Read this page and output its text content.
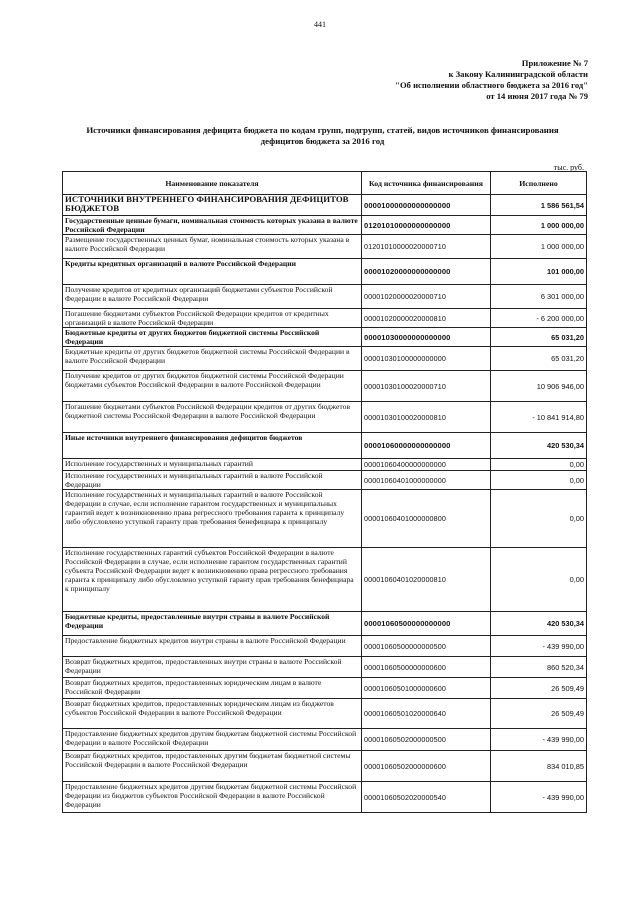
441
Приложение № 7
к Закону Калининградской области
"Об исполнении областного бюджета за 2016 год"
от 14 июня 2017 года № 79
Источники финансирования дефицита бюджета по кодам групп, подгрупп, статей, видов источников финансирования
дефицитов бюджета за 2016 год
тыс. руб.
Наименование показателя	Код источника финансирования	Исполнено
ИСТОЧНИКИ ВНУТРЕННЕГО ФИНАНСИРОВАНИЯ ДЕФИЦИТОВ БЮДЖЕТОВ	00001000000000000000	1 586 561,54
Государственные ценные бумаги, номинальная стоимость которых указана в валюте Российской Федерации	01201010000000000000	1 000 000,00
Размещение государственных ценных бумаг, номинальная стоимость которых указана в валюте Российской Федерации	01201010000020000710	1 000 000,00
Кредиты кредитных организаций в валюте Российской Федерации	00001020000000000000	101 000,00
Получение кредитов от кредитных организаций бюджетами субъектов Российской Федерации в валюте Российской Федерации	00001020000020000710	6 301 000,00
Погашение бюджетами субъектов Российской Федерации кредитов от кредитных организаций в валюте Российской Федерации	00001020000020000810	- 6 200 000,00
Бюджетные кредиты от других бюджетов бюджетной системы Российской Федерации	00001030000000000000	65 031,20
Бюджетные кредиты от других бюджетов бюджетной системы Российской Федерации в валюте Российской Федерации	00001030100000000000	65 031,20
Получение кредитов от других бюджетов бюджетной системы Российской Федерации бюджетами субъектов Российской Федерации в валюте Российской Федерации	00001030100020000710	10 906 946,00
Погашение бюджетами субъектов Российской Федерации кредитов от других бюджетов бюджетной системы Российской Федерации в валюте Российской Федерации	00001030100020000810	- 10 841 914,80
Иные источники внутреннего финансирования дефицитов бюджетов	00001060000000000000	420 530,34
Исполнение государственных и муниципальных гарантий	00001060400000000000	0,00
Исполнение государственных и муниципальных гарантий в валюте Российской Федерации	00001060401000000000	0,00
Исполнение государственных и муниципальных гарантий в валюте Российской Федерации в случае, если исполнение гарантом государственных и муниципальных гарантий ведет к возникновению права регрессного требования гаранта к принципалу либо обусловлено уступкой гаранту прав требования бенефициара к принципалу	00001060401000000800	0,00
Исполнение государственных гарантий субъектов Российской Федерации в валюте Российской Федерации в случае, если исполнение гарантом государственных гарантий субъекта Российской Федерации ведет к возникновению права регрессного требования гаранта к принципалу либо обусловлено уступкой гаранту прав требования бенефициара к принципалу	00001060401020000810	0,00
Бюджетные кредиты, предоставленные внутри страны в валюте Российской Федерации	00001060500000000000	420 530,34
Предоставление бюджетных кредитов внутри страны в валюте Российской Федерации	00001060500000000500	- 439 990,00
Возврат бюджетных кредитов, предоставленных внутри страны в валюте Российской Федерации	00001060500000000600	860 520,34
Возврат бюджетных кредитов, предоставленных юридическим лицам в валюте Российской Федерации	00001060501000000600	26 509,49
Возврат бюджетных кредитов, предоставленных юридическим лицам из бюджетов субъектов Российской Федерации в валюте Российской Федерации	00001060501020000640	26 509,49
Предоставление бюджетных кредитов другим бюджетам бюджетной системы Российской Федерации в валюте Российской Федерации	00001060502000000500	- 439 990,00
Возврат бюджетных кредитов, предоставленных другим бюджетам бюджетной системы Российской Федерации в валюте Российской Федерации	00001060502000000600	834 010,85
Предоставление бюджетных кредитов другим бюджетам бюджетной системы Российской Федерации из бюджетов субъектов Российской Федерации в валюте Российской Федерации	00001060502020000540	- 439 990,00
